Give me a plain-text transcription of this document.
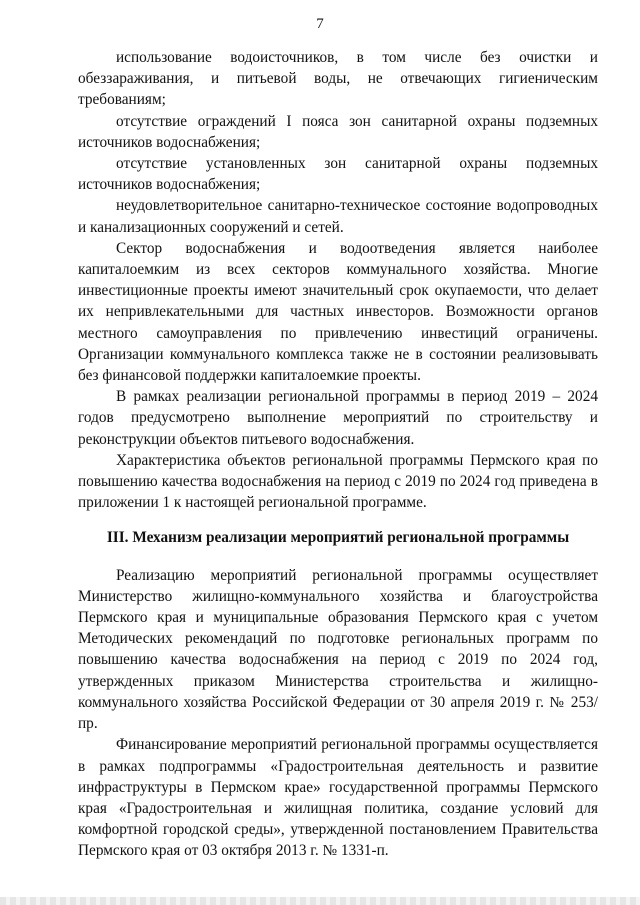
7

использование водоисточников, в том числе без очистки и обеззараживания, и питьевой воды, не отвечающих гигиеническим требованиям;

отсутствие ограждений I пояса зон санитарной охраны подземных источников водоснабжения;

отсутствие установленных зон санитарной охраны подземных источников водоснабжения;

неудовлетворительное санитарно-техническое состояние водопроводных и канализационных сооружений и сетей.

Сектор водоснабжения и водоотведения является наиболее капиталоемким из всех секторов коммунального хозяйства. Многие инвестиционные проекты имеют значительный срок окупаемости, что делает их непривлекательными для частных инвесторов. Возможности органов местного самоуправления по привлечению инвестиций ограничены. Организации коммунального комплекса также не в состоянии реализовывать без финансовой поддержки капиталоемкие проекты.

В рамках реализации региональной программы в период 2019 – 2024 годов предусмотрено выполнение мероприятий по строительству и реконструкции объектов питьевого водоснабжения.

Характеристика объектов региональной программы Пермского края по повышению качества водоснабжения на период с 2019 по 2024 год приведена в приложении 1 к настоящей региональной программе.

III. Механизм реализации мероприятий региональной программы

Реализацию мероприятий региональной программы осуществляет Министерство жилищно-коммунального хозяйства и благоустройства Пермского края и муниципальные образования Пермского края с учетом Методических рекомендаций по подготовке региональных программ по повышению качества водоснабжения на период с 2019 по 2024 год, утвержденных приказом Министерства строительства и жилищно-коммунального хозяйства Российской Федерации от 30 апреля 2019 г. № 253/пр.

Финансирование мероприятий региональной программы осуществляется в рамках подпрограммы «Градостроительная деятельность и развитие инфраструктуры в Пермском крае» государственной программы Пермского края «Градостроительная и жилищная политика, создание условий для комфортной городской среды», утвержденной постановлением Правительства Пермского края от 03 октября 2013 г. № 1331-п.
